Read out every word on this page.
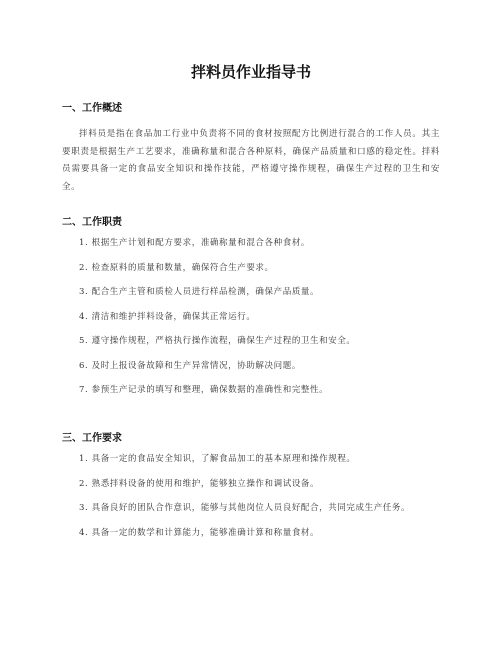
拌料员作业指导书
一、工作概述

拌料员是指在食品加工行业中负责将不同的食材按照配方比例进行混合的工作人员。其主要职责是根据生产工艺要求，准确称量和混合各种原料，确保产品质量和口感的稳定性。拌料员需要具备一定的食品安全知识和操作技能，严格遵守操作规程，确保生产过程的卫生和安全。

二、工作职责
1. 根据生产计划和配方要求，准确称量和混合各种食材。
2. 检查原料的质量和数量，确保符合生产要求。
3. 配合生产主管和质检人员进行样品检测，确保产品质量。
4. 清洁和维护拌料设备，确保其正常运行。
5. 遵守操作规程，严格执行操作流程，确保生产过程的卫生和安全。
6. 及时上报设备故障和生产异常情况，协助解决问题。
7. 参预生产记录的填写和整理，确保数据的准确性和完整性。
三、工作要求
1. 具备一定的食品安全知识，了解食品加工的基本原理和操作规程。
2. 熟悉拌料设备的使用和维护，能够独立操作和调试设备。
3. 具备良好的团队合作意识，能够与其他岗位人员良好配合，共同完成生产任务。
4. 具备一定的数学和计算能力，能够准确计算和称量食材。
